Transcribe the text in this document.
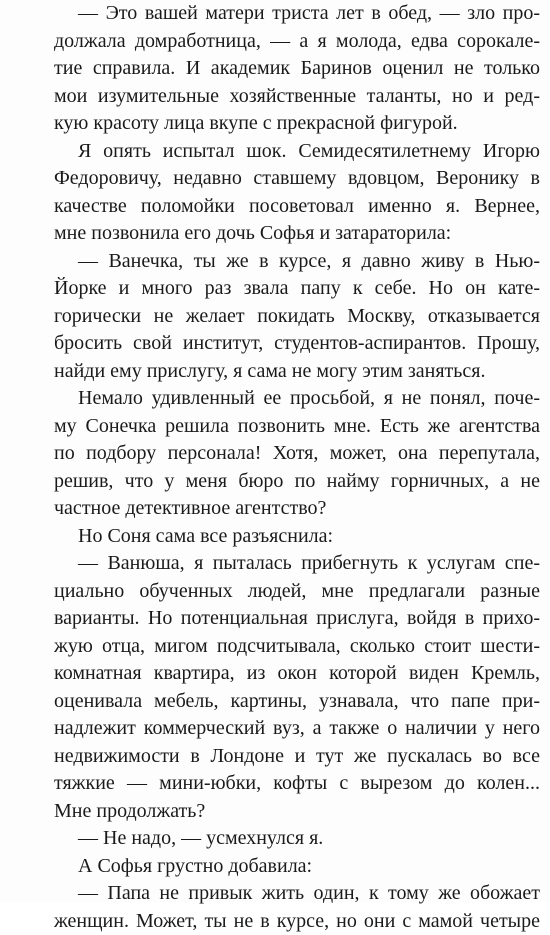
— Это вашей матери триста лет в обед, — зло про-
должала домработница, — а я молода, едва сорокале-
тие справила. И академик Баринов оценил не только
мои изумительные хозяйственные таланты, но и ред-
кую красоту лица вкупе с прекрасной фигурой.
Я опять испытал шок. Семидесятилетнему Игорю
Федоровичу, недавно ставшему вдовцом, Веронику в
качестве поломойки посоветовал именно я. Вернее,
мне позвонила его дочь Софья и затараторила:
— Ванечка, ты же в курсе, я давно живу в Нью-
Йорке и много раз звала папу к себе. Но он кате-
горически не желает покидать Москву, отказывается
бросить свой институт, студентов-аспирантов. Прошу,
найди ему прислугу, я сама не могу этим заняться.
Немало удивленный ее просьбой, я не понял, поче-
му Сонечка решила позвонить мне. Есть же агентства
по подбору персонала! Хотя, может, она перепутала,
решив, что у меня бюро по найму горничных, а не
частное детективное агентство?
Но Соня сама все разъяснила:
— Ванюша, я пыталась прибегнуть к услугам спе-
циально обученных людей, мне предлагали разные
варианты. Но потенциальная прислуга, войдя в прихо-
жую отца, мигом подсчитывала, сколько стоит шести-
комнатная квартира, из окон которой виден Кремль,
оценивала мебель, картины, узнавала, что папе при-
надлежит коммерческий вуз, а также о наличии у него
недвижимости в Лондоне и тут же пускалась во все
тяжкие — мини-юбки, кофты с вырезом до колен...
Мне продолжать?
— Не надо, — усмехнулся я.
А Софья грустно добавила:
— Папа не привык жить один, к тому же обожает
женщин. Может, ты не в курсе, но они с мамой четыре
